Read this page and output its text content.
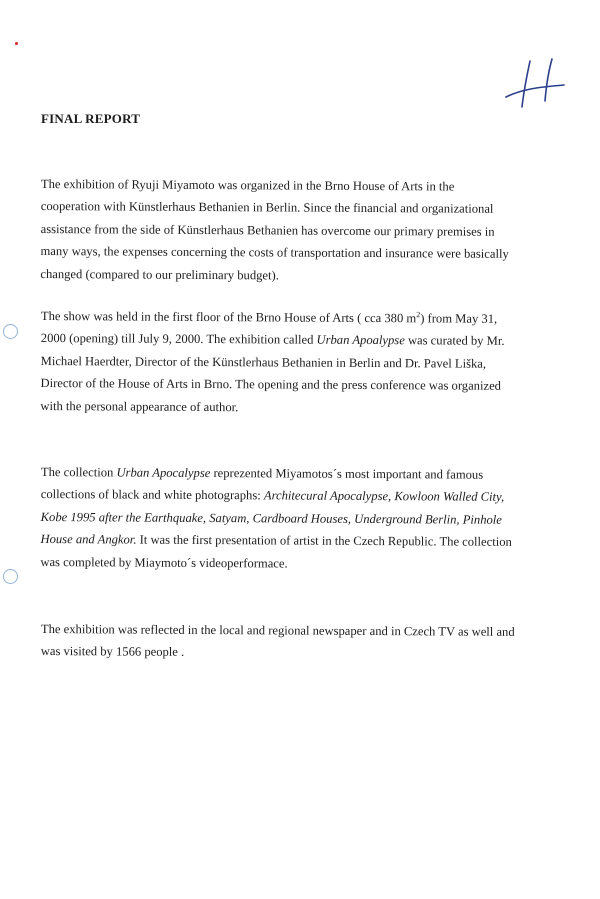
FINAL REPORT
The exhibition of Ryuji Miyamoto was organized in the Brno House of Arts in the
cooperation with Künstlerhaus Bethanien in Berlin. Since the financial and organizational
assistance from the side of Künstlerhaus Bethanien has overcome our primary premises in
many ways, the expenses concerning the costs of transportation and insurance were basically
changed (compared to our preliminary budget).
The show was held in the first floor of the Brno House of Arts ( cca 380 $m^2$) from May 31,
2000 (opening) till July 9, 2000. The exhibition called Urban Apoalypse was curated by Mr.
Michael Haerdter, Director of the Künstlerhaus Bethanien in Berlin and Dr. Pavel Liška,
Director of the House of Arts in Brno. The opening and the press conference was organized
with the personal appearance of author.
The collection Urban Apocalypse reprezented Miyamotos´s most important and famous
collections of black and white photographs: Architecural Apocalypse, Kowloon Walled City,
Kobe 1995 after the Earthquake, Satyam, Cardboard Houses, Underground Berlin, Pinhole
House and Angkor. It was the first presentation of artist in the Czech Republic. The collection
was completed by Miaymoto´s videoperformace.
The exhibition was reflected in the local and regional newspaper and in Czech TV as well and
was visited by 1566 people .
